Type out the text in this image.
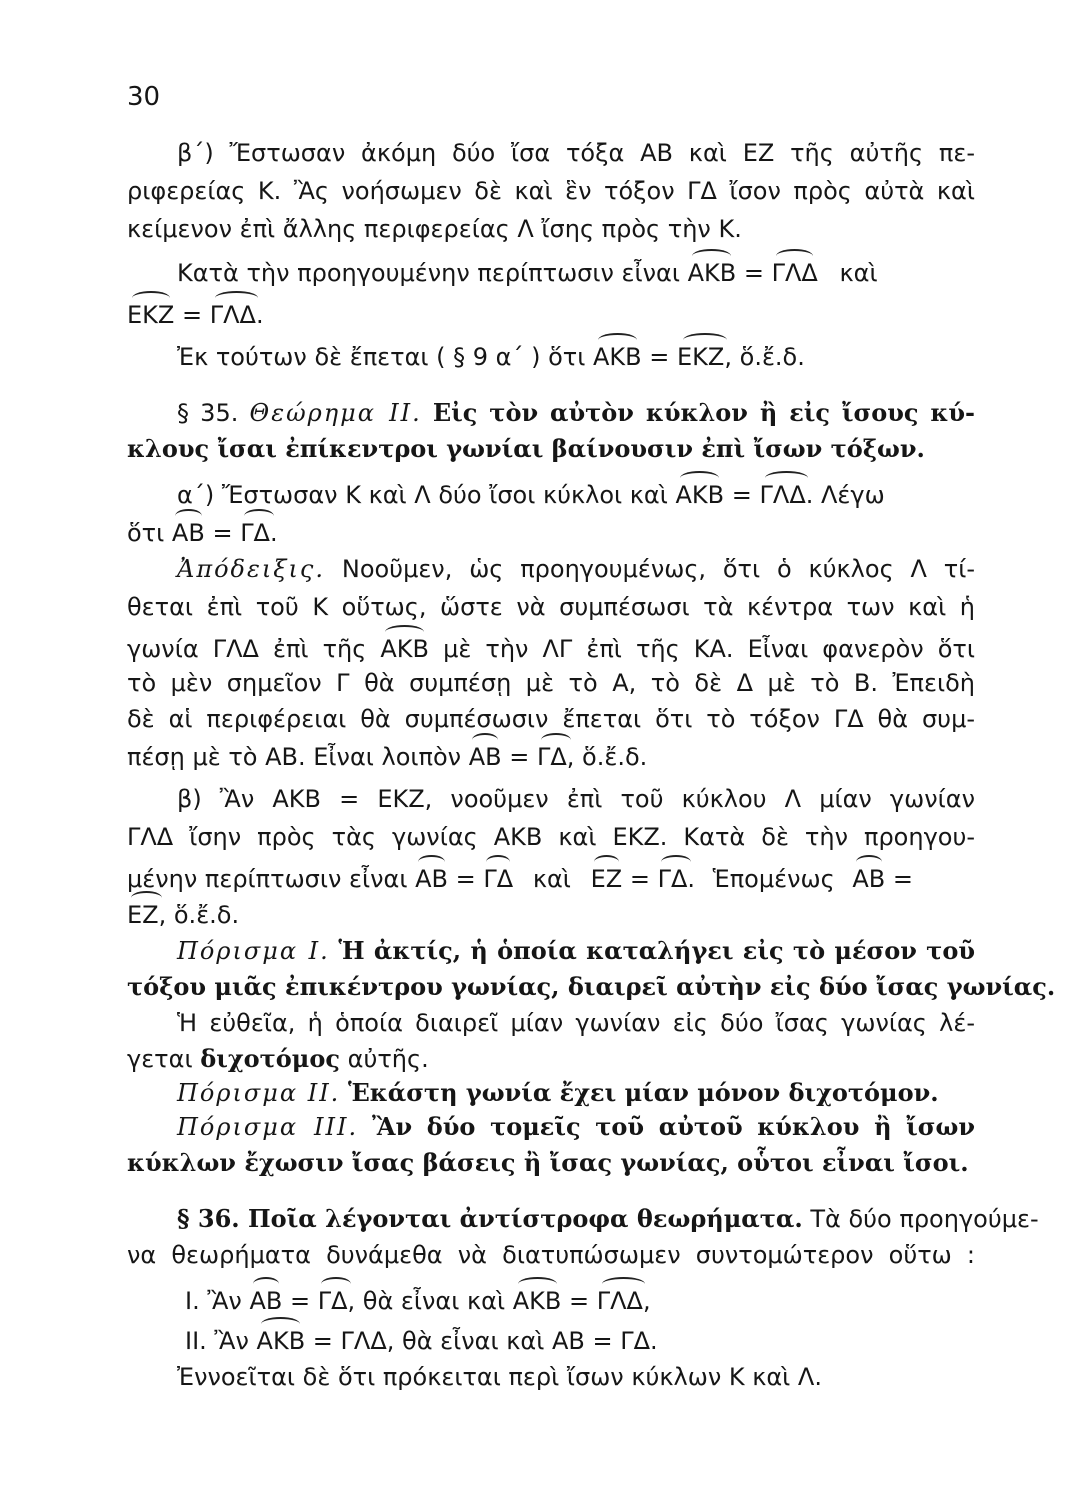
30
β΄) Ἔστωσαν ἀκόμη δύο ἴσα τόξα ΑΒ καὶ ΕΖ τῆς αὐτῆς πε-
ριφερείας Κ. Ἂς νοήσωμεν δὲ καὶ ἓν τόξον ΓΔ ἴσον πρὸς αὐτὰ καὶ
κείμενον ἐπὶ ἄλλης περιφερείας Λ ἴσης πρὸς τὴν Κ.
Κατὰ τὴν προηγουμένην περίπτωσιν εἶναι ΑΚΒ = ΓΛΔ καὶ
ΕΚΖ = ΓΛΔ.
Ἐκ τούτων δὲ ἔπεται ( § 9 α΄ ) ὅτι ΑΚΒ = ΕΚΖ, ὅ.ἔ.δ.
§ 35. Θεώρημα ΙΙ. Εἰς τὸν αὐτὸν κύκλον ἢ εἰς ἴσους κύ-
κλους ἴσαι ἐπίκεντροι γωνίαι βαίνουσιν ἐπὶ ἴσων τόξων.
α΄) Ἔστωσαν Κ καὶ Λ δύο ἴσοι κύκλοι καὶ ΑΚΒ = ΓΛΔ. Λέγω
ὅτι ΑΒ = ΓΔ.
Ἀπόδειξις. Νοοῦμεν, ὡς προηγουμένως, ὅτι ὁ κύκλος Λ τί-
θεται ἐπὶ τοῦ Κ οὕτως, ὥστε νὰ συμπέσωσι τὰ κέντρα των καὶ ἡ
γωνία ΓΛΔ ἐπὶ τῆς ΑΚΒ μὲ τὴν ΛΓ ἐπὶ τῆς ΚΑ. Εἶναι φανερὸν ὅτι
τὸ μὲν σημεῖον Γ θὰ συμπέσῃ μὲ τὸ Α, τὸ δὲ Δ μὲ τὸ Β. Ἐπειδὴ
δὲ αἱ περιφέρειαι θὰ συμπέσωσιν ἔπεται ὅτι τὸ τόξον ΓΔ θὰ συμ-
πέσῃ μὲ τὸ ΑΒ. Εἶναι λοιπὸν ΑΒ = ΓΔ, ὅ.ἔ.δ.
β) Ἂν ΑΚΒ = ΕΚΖ, νοοῦμεν ἐπὶ τοῦ κύκλου Λ μίαν γωνίαν
ΓΛΔ ἴσην πρὸς τὰς γωνίας ΑΚΒ καὶ ΕΚΖ. Κατὰ δὲ τὴν προηγου-
μένην περίπτωσιν εἶναι ΑΒ = ΓΔ καὶ ΕΖ = ΓΔ. Ἑπομένως ΑΒ =
ΕΖ, ὅ.ἔ.δ.
Πόρισμα Ι. Ἡ ἀκτίς, ἡ ὁποία καταλήγει εἰς τὸ μέσον τοῦ
τόξου μιᾶς ἐπικέντρου γωνίας, διαιρεῖ αὐτὴν εἰς δύο ἴσας γωνίας.
Ἡ εὐθεῖα, ἡ ὁποία διαιρεῖ μίαν γωνίαν εἰς δύο ἴσας γωνίας λέ-
γεται διχοτόμος αὐτῆς.
Πόρισμα ΙΙ. Ἑκάστη γωνία ἔχει μίαν μόνον διχοτόμον.
Πόρισμα ΙΙΙ. Ἂν δύο τομεῖς τοῦ αὐτοῦ κύκλου ἢ ἴσων
κύκλων ἔχωσιν ἴσας βάσεις ἢ ἴσας γωνίας, οὗτοι εἶναι ἴσοι.
§ 36. Ποῖα λέγονται ἀντίστροφα θεωρήματα. Τὰ δύο προηγούμε-
να θεωρήματα δυνάμεθα νὰ διατυπώσωμεν συντομώτερον οὕτω :
Ι. Ἂν ΑΒ = ΓΔ, θὰ εἶναι καὶ ΑΚΒ = ΓΛΔ,
ΙΙ. Ἂν ΑΚΒ = ΓΛΔ, θὰ εἶναι καὶ ΑΒ = ΓΔ.
Ἐννοεῖται δὲ ὅτι πρόκειται περὶ ἴσων κύκλων Κ καὶ Λ.
